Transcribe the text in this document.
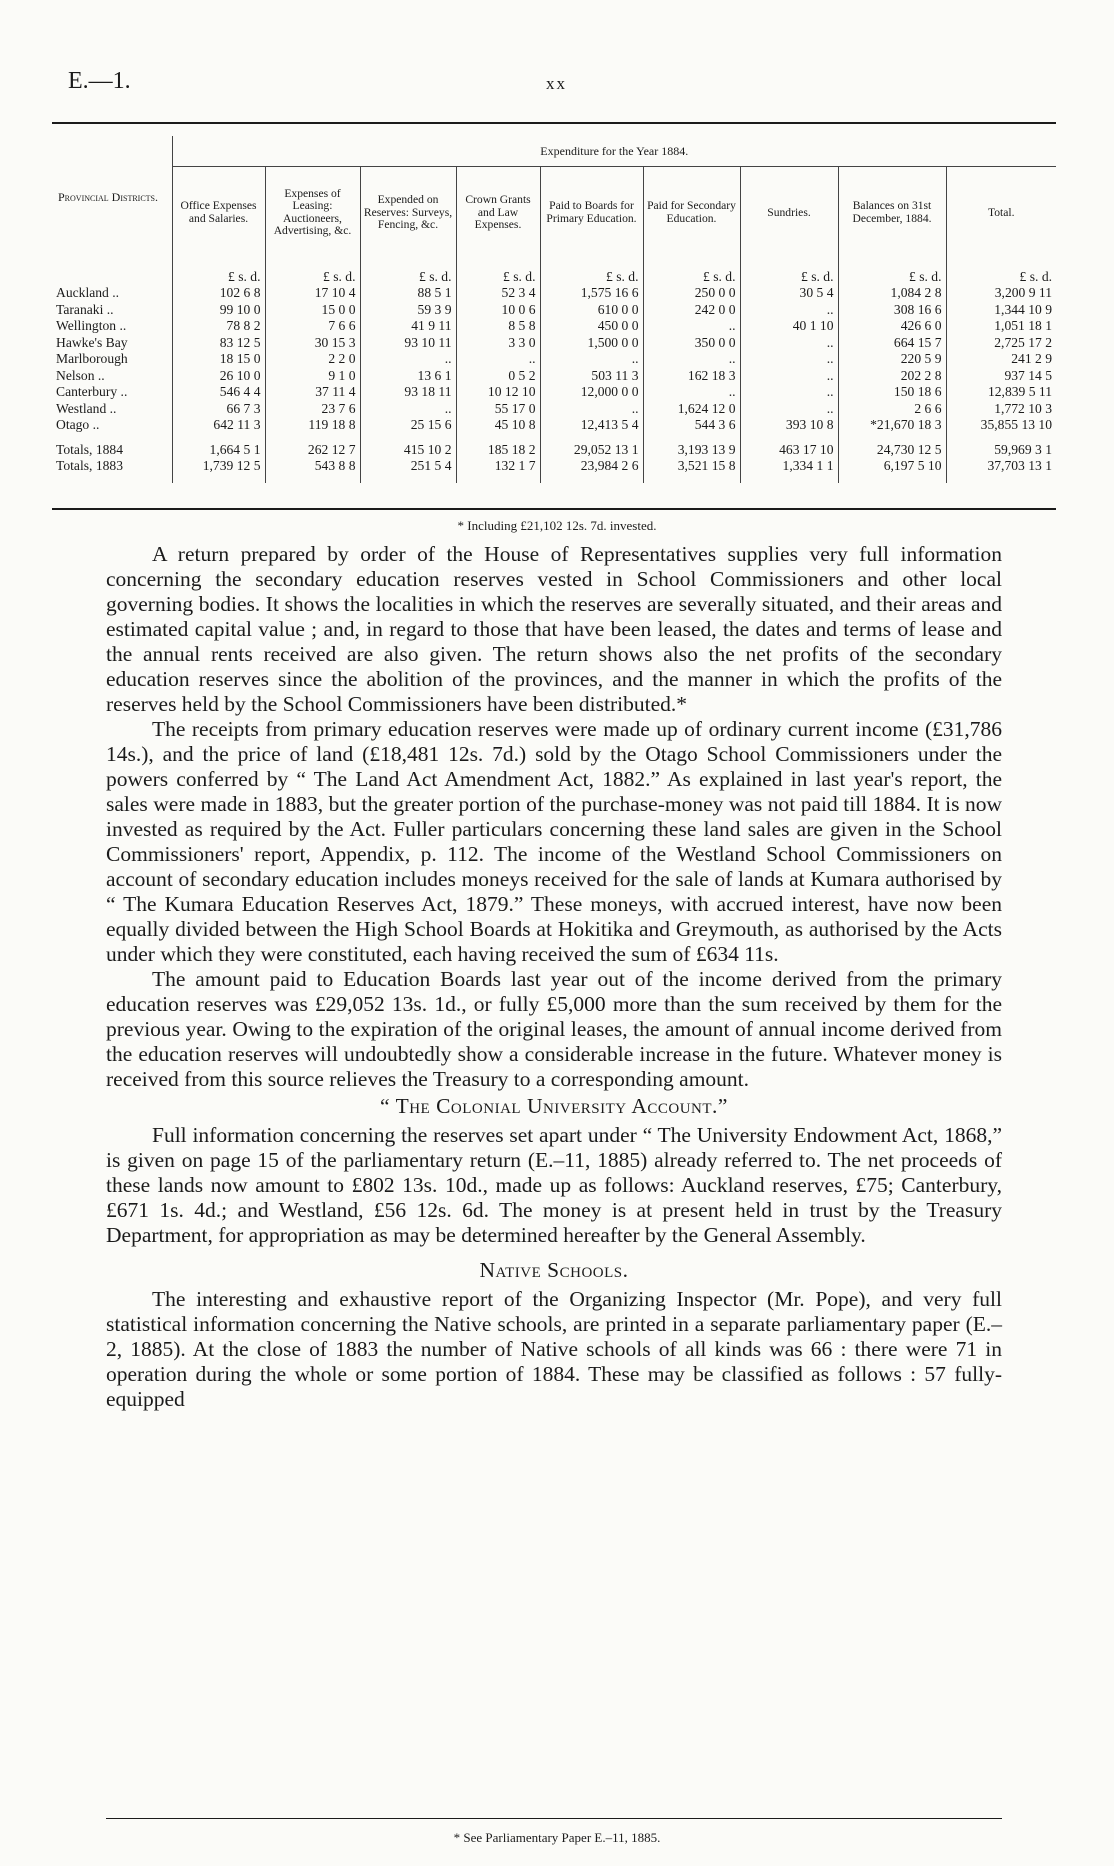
E.—1.	xx
Provincial Districts.	Expenditure for the Year 1884.								
	Office Expenses and Salaries.	Expenses of Leasing: Auctioneers, Advertising, &c.	Expended on Reserves: Surveys, Fencing, &c.	Crown Grants and Law Expenses.	Paid to Boards for Primary Education.	Paid for Secondary Education.	Sundries.	Balances on 31st December, 1884.	Total.
	£ s. d.	£ s. d.	£ s. d.	£ s. d.	£ s. d.	£ s. d.	£ s. d.	£ s. d.	£ s. d.
Auckland ..	102 6 8	17 10 4	88 5 1	52 3 4	1,575 16 6	250 0 0	30 5 4	1,084 2 8	3,200 9 11
Taranaki ..	99 10 0	15 0 0	59 3 9	10 0 6	610 0 0	242 0 0	..	308 16 6	1,344 10 9
Wellington ..	78 8 2	7 6 6	41 9 11	8 5 8	450 0 0	..	40 1 10	426 6 0	1,051 18 1
Hawke's Bay	83 12 5	30 15 3	93 10 11	3 3 0	1,500 0 0	350 0 0	..	664 15 7	2,725 17 2
Marlborough	18 15 0	2 2 0	..	..	..	..	..	220 5 9	241 2 9
Nelson ..	26 10 0	9 1 0	13 6 1	0 5 2	503 11 3	162 18 3	..	202 2 8	937 14 5
Canterbury ..	546 4 4	37 11 4	93 18 11	10 12 10	12,000 0 0	..	..	150 18 6	12,839 5 11
Westland ..	66 7 3	23 7 6	..	55 17 0	..	1,624 12 0	..	2 6 6	1,772 10 3
Otago ..	642 11 3	119 18 8	25 15 6	45 10 8	12,413 5 4	544 3 6	393 10 8	*21,670 18 3	35,855 13 10

Totals, 1884	1,664 5 1	262 12 7	415 10 2	185 18 2	29,052 13 1	3,193 13 9	463 17 10	24,730 12 5	59,969 3 1
Totals, 1883	1,739 12 5	543 8 8	251 5 4	132 1 7	23,984 2 6	3,521 15 8	1,334 1 1	6,197 5 10	37,703 13 1

* Including £21,102 12s. 7d. invested.

A return prepared by order of the House of Representatives supplies very full information concerning the secondary education reserves vested in School Commissioners and other local governing bodies. It shows the localities in which the reserves are severally situated, and their areas and estimated capital value ; and, in regard to those that have been leased, the dates and terms of lease and the annual rents received are also given. The return shows also the net profits of the secondary education reserves since the abolition of the provinces, and the manner in which the profits of the reserves held by the School Commissioners have been distributed.*

The receipts from primary education reserves were made up of ordinary current income (£31,786 14s.), and the price of land (£18,481 12s. 7d.) sold by the Otago School Commissioners under the powers conferred by “ The Land Act Amendment Act, 1882.” As explained in last year's report, the sales were made in 1883, but the greater portion of the purchase-money was not paid till 1884. It is now invested as required by the Act. Fuller particulars concerning these land sales are given in the School Commissioners' report, Appendix, p. 112. The income of the Westland School Commissioners on account of secondary education includes moneys received for the sale of lands at Kumara authorised by “ The Kumara Education Reserves Act, 1879.” These moneys, with accrued interest, have now been equally divided between the High School Boards at Hokitika and Greymouth, as authorised by the Acts under which they were constituted, each having received the sum of £634 11s.

The amount paid to Education Boards last year out of the income derived from the primary education reserves was £29,052 13s. 1d., or fully £5,000 more than the sum received by them for the previous year. Owing to the expiration of the original leases, the amount of annual income derived from the education reserves will undoubtedly show a considerable increase in the future. Whatever money is received from this source relieves the Treasury to a corresponding amount.

“ The Colonial University Account.”

Full information concerning the reserves set apart under “ The University Endowment Act, 1868,” is given on page 15 of the parliamentary return (E.–11, 1885) already referred to. The net proceeds of these lands now amount to £802 13s. 10d., made up as follows: Auckland reserves, £75; Canterbury, £671 1s. 4d.; and Westland, £56 12s. 6d. The money is at present held in trust by the Treasury Department, for appropriation as may be determined hereafter by the General Assembly.

Native Schools.

The interesting and exhaustive report of the Organizing Inspector (Mr. Pope), and very full statistical information concerning the Native schools, are printed in a separate parliamentary paper (E.–2, 1885). At the close of 1883 the number of Native schools of all kinds was 66 : there were 71 in operation during the whole or some portion of 1884. These may be classified as follows : 57 fully-equipped

* See Parliamentary Paper E.–11, 1885.
